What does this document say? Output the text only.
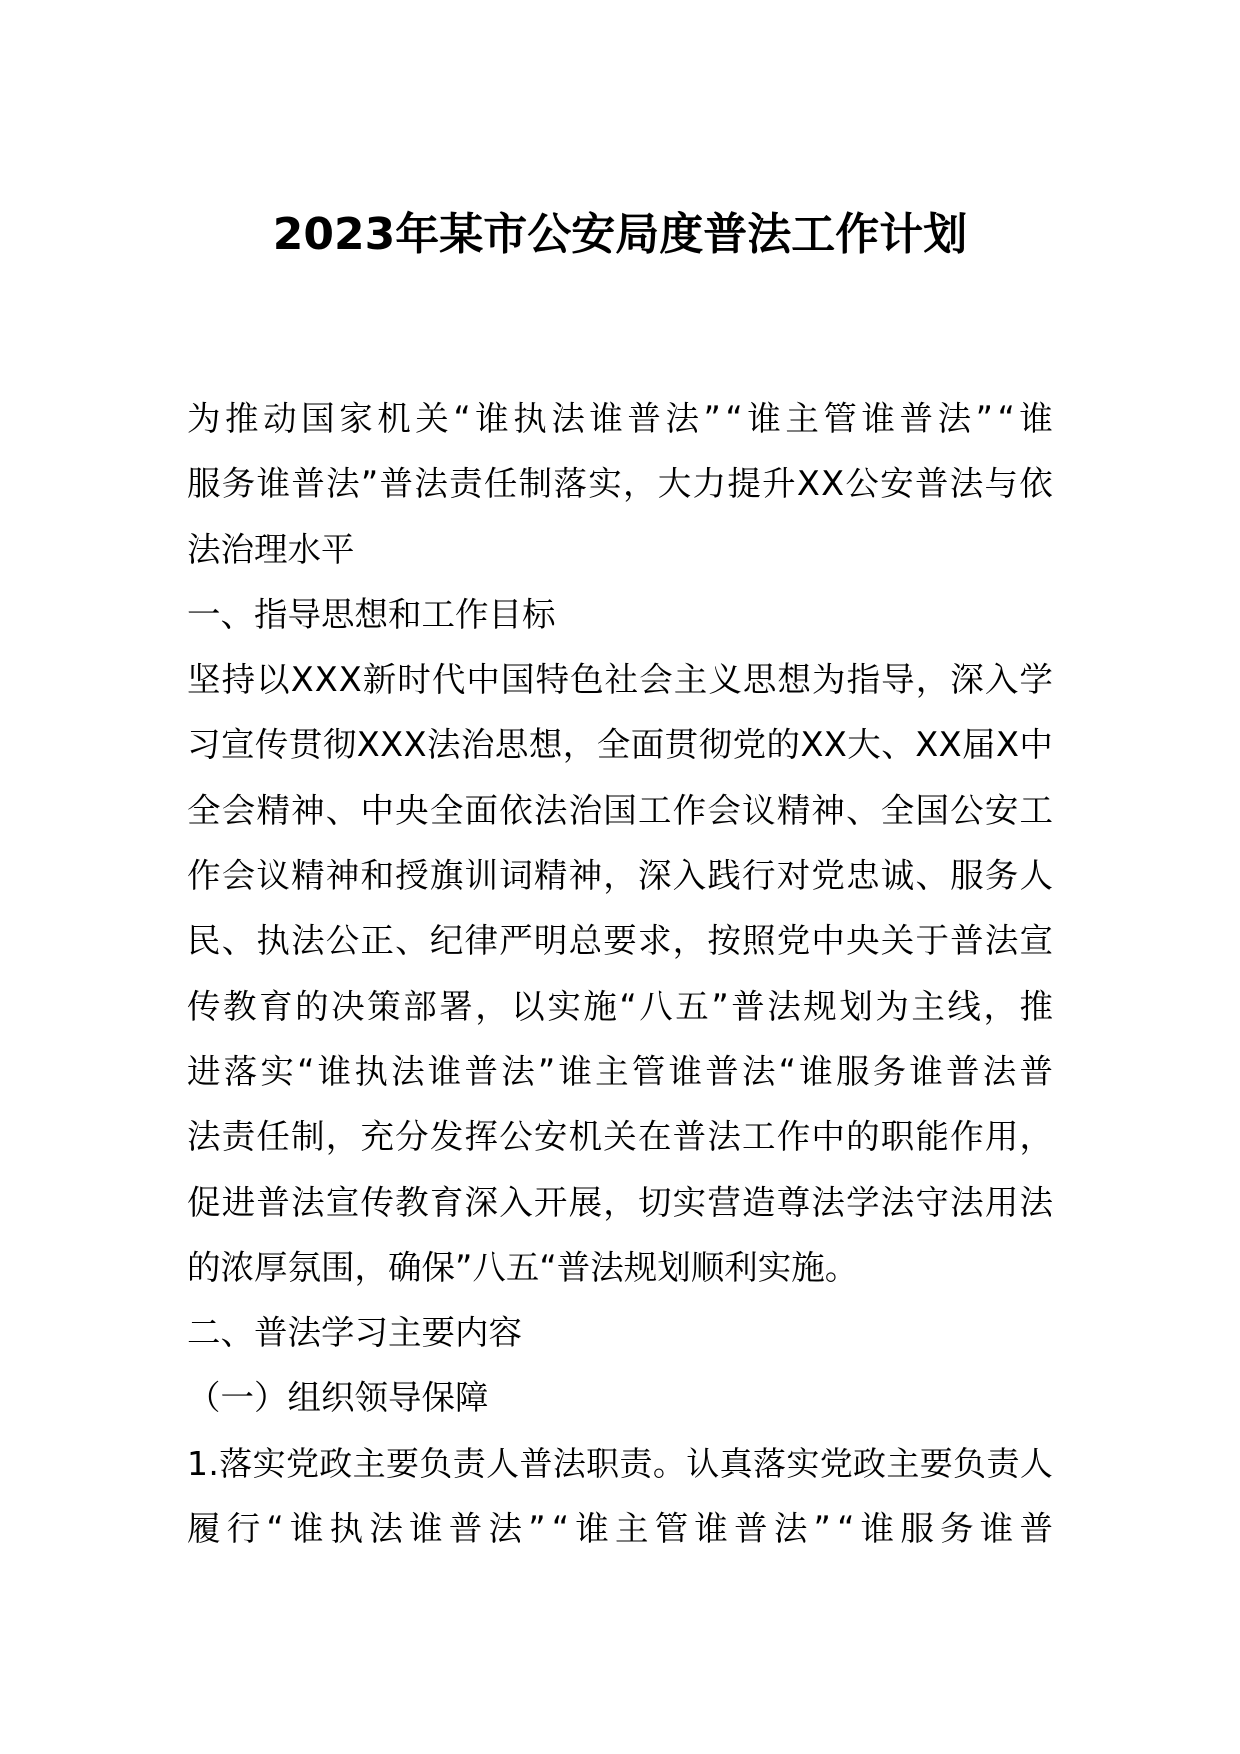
2023年某市公安局度普法工作计划
为 推 动 国 家 机 关 “ 谁 执 法 谁 普 法 ” “ 谁 主 管 谁 普 法 ” “ 谁
服 务 谁 普 法 ” 普 法 责 任 制 落 实 ， 大 力 提 升 X X 公 安 普 法 与 依
法治理水平
一、指导思想和工作目标
坚 持 以 X X X 新 时 代 中 国 特 色 社 会 主 义 思 想 为 指 导 ， 深 入 学
习 宣 传 贯 彻 X X X 法 治 思 想 ， 全 面 贯 彻 党 的 X X 大 、 X X 届 X 中
全 会 精 神 、 中 央 全 面 依 法 治 国 工 作 会 议 精 神 、 全 国 公 安 工
作 会 议 精 神 和 授 旗 训 词 精 神 ， 深 入 践 行 对 党 忠 诚 、 服 务 人
民 、 执 法 公 正 、 纪 律 严 明 总 要 求 ， 按 照 党 中 央 关 于 普 法 宣
传 教 育 的 决 策 部 署 ， 以 实 施 “ 八 五 ” 普 法 规 划 为 主 线 ， 推
进 落 实 “ 谁 执 法 谁 普 法 ” 谁 主 管 谁 普 法 “ 谁 服 务 谁 普 法 普
法 责 任 制 ， 充 分 发 挥 公 安 机 关 在 普 法 工 作 中 的 职 能 作 用 ，
促 进 普 法 宣 传 教 育 深 入 开 展 ， 切 实 营 造 尊 法 学 法 守 法 用 法
的浓厚氛围，确保”八五“普法规划顺利实施。
二、普法学习主要内容
（一）组织领导保障
1 . 落 实 党 政 主 要 负 责 人 普 法 职 责 。 认 真 落 实 党 政 主 要 负 责 人
履 行 “ 谁 执 法 谁 普 法 ” “ 谁 主 管 谁 普 法 ” “ 谁 服 务 谁 普
